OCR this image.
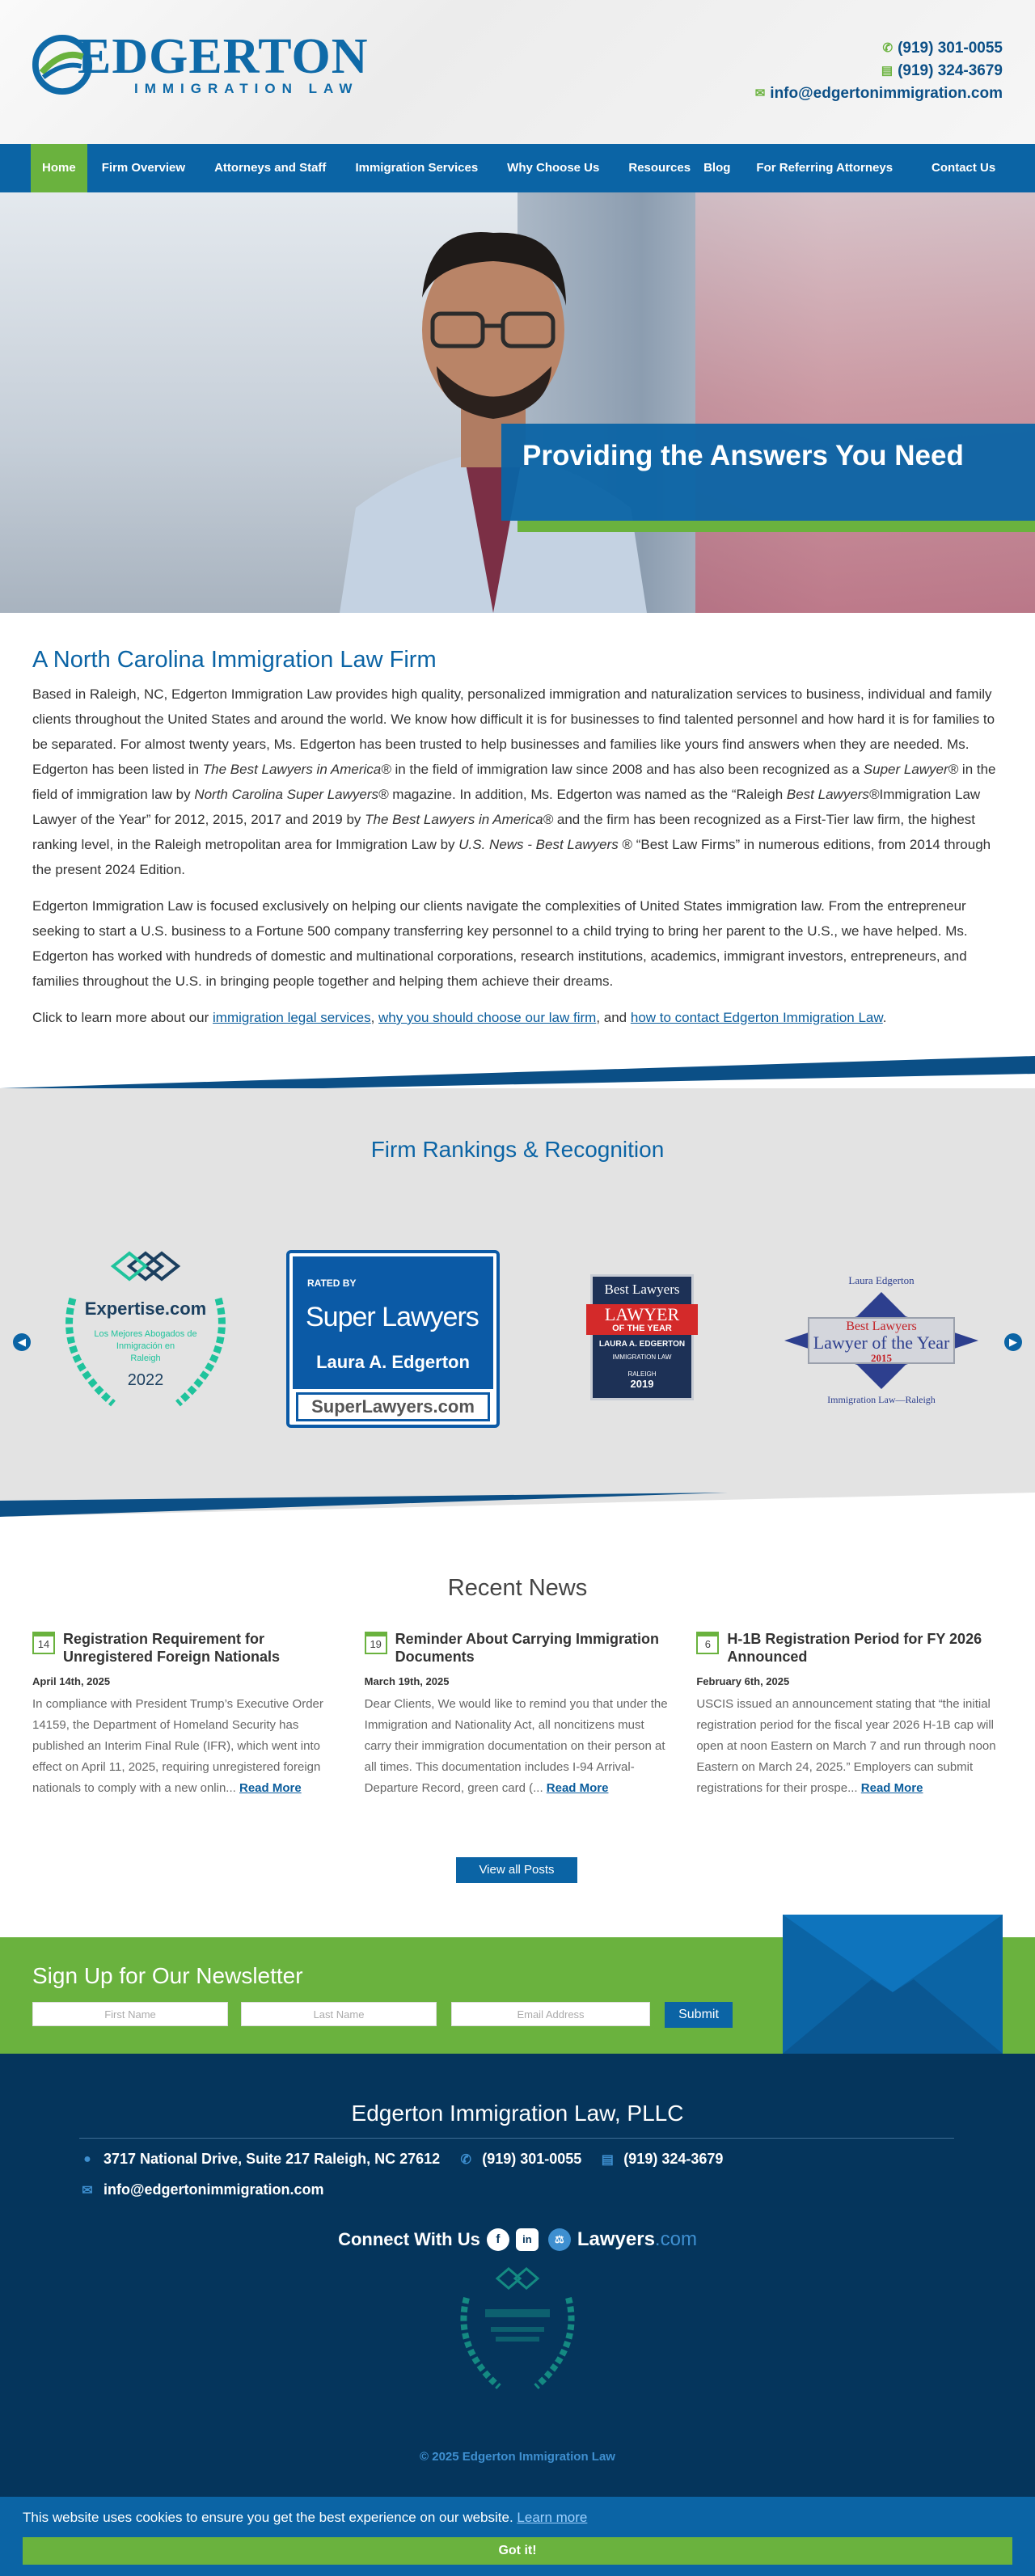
EDGERTON
IMMIGRATION LAW
✆ (919) 301-0055
▤ (919) 324-3679
✉ info@edgertonimmigration.com
Home	Firm Overview	Attorneys and Staff	Immigration Services	Why Choose Us	Resources	Blog	For Referring Attorneys	Contact Us
Providing the Answers You Need
A North Carolina Immigration Law Firm

Based in Raleigh, NC, Edgerton Immigration Law provides high quality, personalized immigration and naturalization services to business, individual and family clients throughout the United States and around the world. We know how difficult it is for businesses to find talented personnel and how hard it is for families to be separated. For almost twenty years, Ms. Edgerton has been trusted to help businesses and families like yours find answers when they are needed. Ms. Edgerton has been listed in The Best Lawyers in America® in the field of immigration law since 2008 and has also been recognized as a Super Lawyer® in the field of immigration law by North Carolina Super Lawyers® magazine. In addition, Ms. Edgerton was named as the “Raleigh Best Lawyers®Immigration Law Lawyer of the Year” for 2012, 2015, 2017 and 2019 by The Best Lawyers in America® and the firm has been recognized as a First-Tier law firm, the highest ranking level, in the Raleigh metropolitan area for Immigration Law by U.S. News - Best Lawyers ® “Best Law Firms” in numerous editions, from 2014 through the present 2024 Edition.

Edgerton Immigration Law is focused exclusively on helping our clients navigate the complexities of United States immigration law. From the entrepreneur seeking to start a U.S. business to a Fortune 500 company transferring key personnel to a child trying to bring her parent to the U.S., we have helped. Ms. Edgerton has worked with hundreds of domestic and multinational corporations, research institutions, academics, immigrant investors, entrepreneurs, and families throughout the U.S. in bringing people together and helping them achieve their dreams.

Click to learn more about our immigration legal services, why you should choose our law firm, and how to contact Edgerton Immigration Law.

Firm Rankings & Recognition
◀	▶
Expertise.com
Los Mejores Abogados de
Inmigración en
Raleigh
2022
RATED BY
Super Lawyers
Laura A. Edgerton
SuperLawyers.com
Best Lawyers
LAWYER
OF THE YEAR
LAURA A. EDGERTON
IMMIGRATION LAW
RALEIGH
2019
Laura Edgerton
Best Lawyers
Lawyer of the Year
2015
Immigration Law—Raleigh
Recent News
14 Registration Requirement for Unregistered Foreign Nationals
April 14th, 2025
In compliance with President Trump’s Executive Order 14159, the Department of Homeland Security has published an Interim Final Rule (IFR), which went into effect on April 11, 2025, requiring unregistered foreign nationals to comply with a new onlin... Read More
19 Reminder About Carrying Immigration Documents
March 19th, 2025
Dear Clients, We would like to remind you that under the Immigration and Nationality Act, all noncitizens must carry their immigration documentation on their person at all times. This documentation includes I-94 Arrival-Departure Record, green card (... Read More
6	H-1B Registration Period for FY 2026 Announced
February 6th, 2025
USCIS issued an announcement stating that “the initial registration period for the fiscal year 2026 H-1B cap will open at noon Eastern on March 7 and run through noon Eastern on March 24, 2025.” Employers can submit registrations for their prospe... Read More
View all Posts
Sign Up for Our Newsletter
First Name	Last Name	Email Address	Submit
Edgerton Immigration Law, PLLC
● 3717 National Drive, Suite 217 Raleigh, NC 27612 ✆ (919) 301-0055 ▤ (919) 324-3679
✉ info@edgertonimmigration.com
Connect With Us	f	in	⚖ Lawyers.com
© 2025 Edgerton Immigration Law
This website uses cookies to ensure you get the best experience on our website. Learn more
Got it!
